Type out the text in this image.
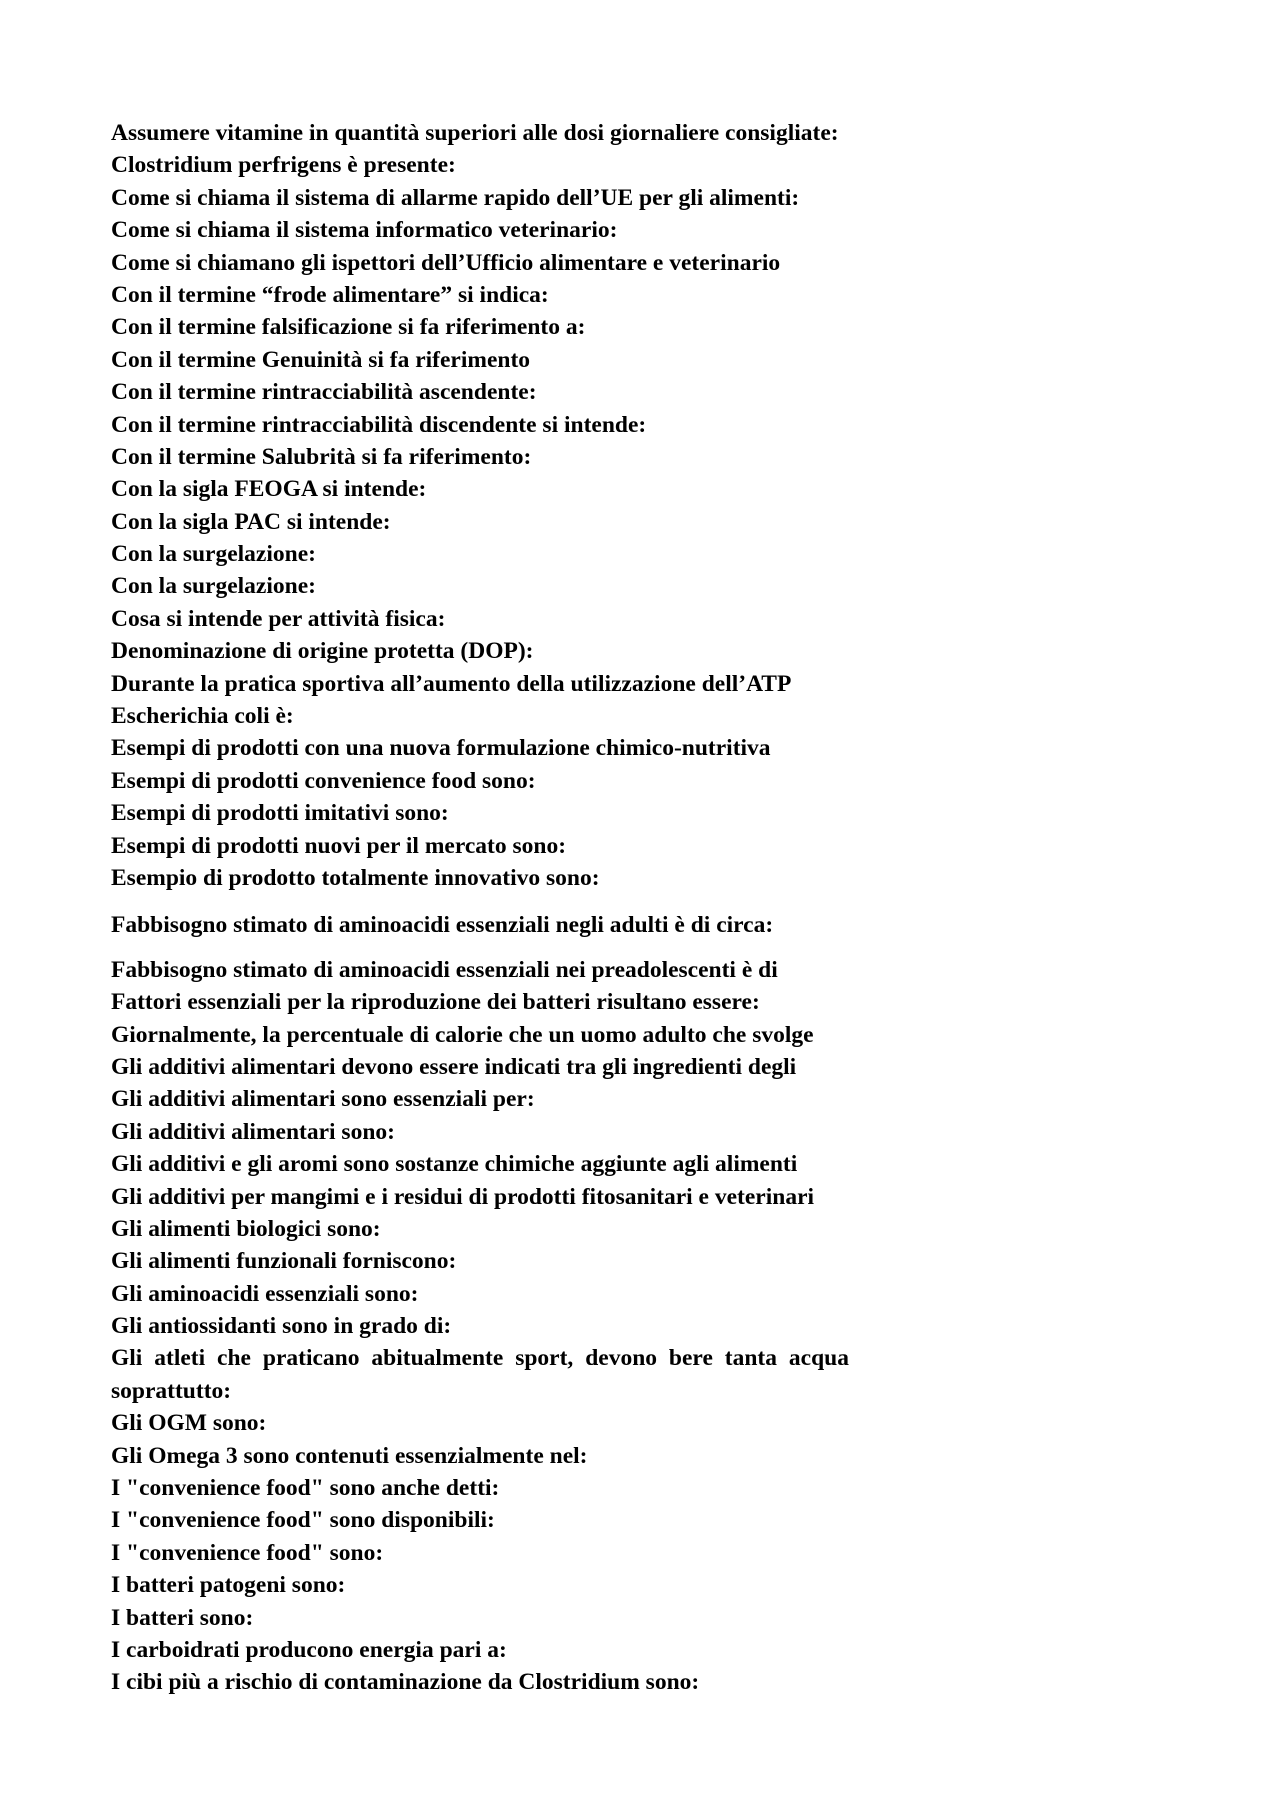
Assumere vitamine in quantità superiori alle dosi giornaliere consigliate:
Clostridium perfrigens è presente:
Come si chiama il sistema di allarme rapido dell’UE per gli alimenti:
Come si chiama il sistema informatico veterinario:
Come si chiamano gli ispettori dell’Ufficio alimentare e veterinario
Con il termine “frode alimentare” si indica:
Con il termine falsificazione si fa riferimento a:
Con il termine Genuinità si fa riferimento
Con il termine rintracciabilità ascendente:
Con il termine rintracciabilità discendente si intende:
Con il termine Salubrità si fa riferimento:
Con la sigla FEOGA si intende:
Con la sigla PAC si intende:
Con la surgelazione:
Con la surgelazione:
Cosa si intende per attività fisica:
Denominazione di origine protetta (DOP):
Durante la pratica sportiva all’aumento della utilizzazione dell’ATP
Escherichia coli è:
Esempi di prodotti con una nuova formulazione chimico-nutritiva
Esempi di prodotti convenience food sono:
Esempi di prodotti imitativi sono:
Esempi di prodotti nuovi per il mercato sono:
Esempio di prodotto totalmente innovativo sono:
Fabbisogno stimato di aminoacidi essenziali negli adulti è di circa:
Fabbisogno stimato di aminoacidi essenziali nei preadolescenti è di
Fattori essenziali per la riproduzione dei batteri risultano essere:
Giornalmente, la percentuale di calorie che un uomo adulto che svolge
Gli additivi alimentari devono essere indicati tra gli ingredienti degli
Gli additivi alimentari sono essenziali per:
Gli additivi alimentari sono:
Gli additivi e gli aromi sono sostanze chimiche aggiunte agli alimenti
Gli additivi per mangimi e i residui di prodotti fitosanitari e veterinari
Gli alimenti biologici sono:
Gli alimenti funzionali forniscono:
Gli aminoacidi essenziali sono:
Gli antiossidanti sono in grado di:
Gli atleti che praticano abitualmente sport, devono bere tanta acqua soprattutto:
Gli OGM sono:
Gli Omega 3 sono contenuti essenzialmente nel:
I "convenience food" sono anche detti:
I "convenience food" sono disponibili:
I "convenience food" sono:
I batteri patogeni sono:
I batteri sono:
I carboidrati producono energia pari a:
I cibi più a rischio di contaminazione da Clostridium sono:
